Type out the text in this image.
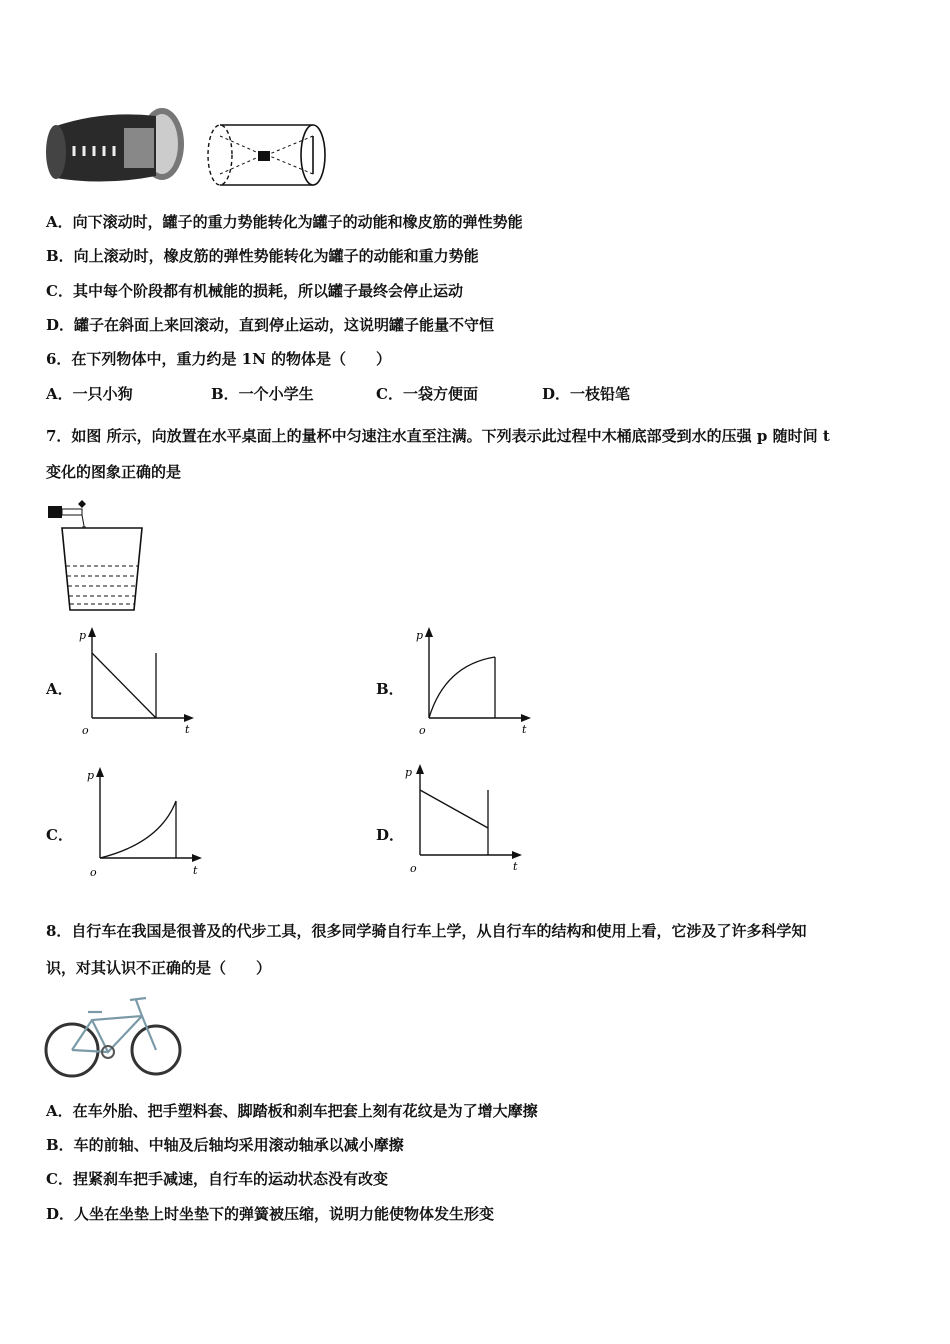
A．向下滚动时，罐子的重力势能转化为罐子的动能和橡皮筋的弹性势能
B．向上滚动时，橡皮筋的弹性势能转化为罐子的动能和重力势能
C．其中每个阶段都有机械能的损耗，所以罐子最终会停止运动
D．罐子在斜面上来回滚动，直到停止运动，这说明罐子能量不守恒
6．在下列物体中，重力约是 1N 的物体是（　　）
A．一只小狗	B．一个小学生	C．一袋方便面	D．一枝铅笔
7．如图 所示，向放置在水平桌面上的量杯中匀速注水直至注满。下列表示此过程中木桶底部受到水的压强 p 随时间 t
变化的图象正确的是
A．
p
o	t
B．
p
o	t
C．
p
o	t
D．
p
o	t
8．自行车在我国是很普及的代步工具，很多同学骑自行车上学，从自行车的结构和使用上看，它涉及了许多科学知
识，对其认识不正确的是（　　）
A．在车外胎、把手塑料套、脚踏板和刹车把套上刻有花纹是为了增大摩擦
B．车的前轴、中轴及后轴均采用滚动轴承以减小摩擦
C．捏紧刹车把手减速，自行车的运动状态没有改变
D．人坐在坐垫上时坐垫下的弹簧被压缩，说明力能使物体发生形变
